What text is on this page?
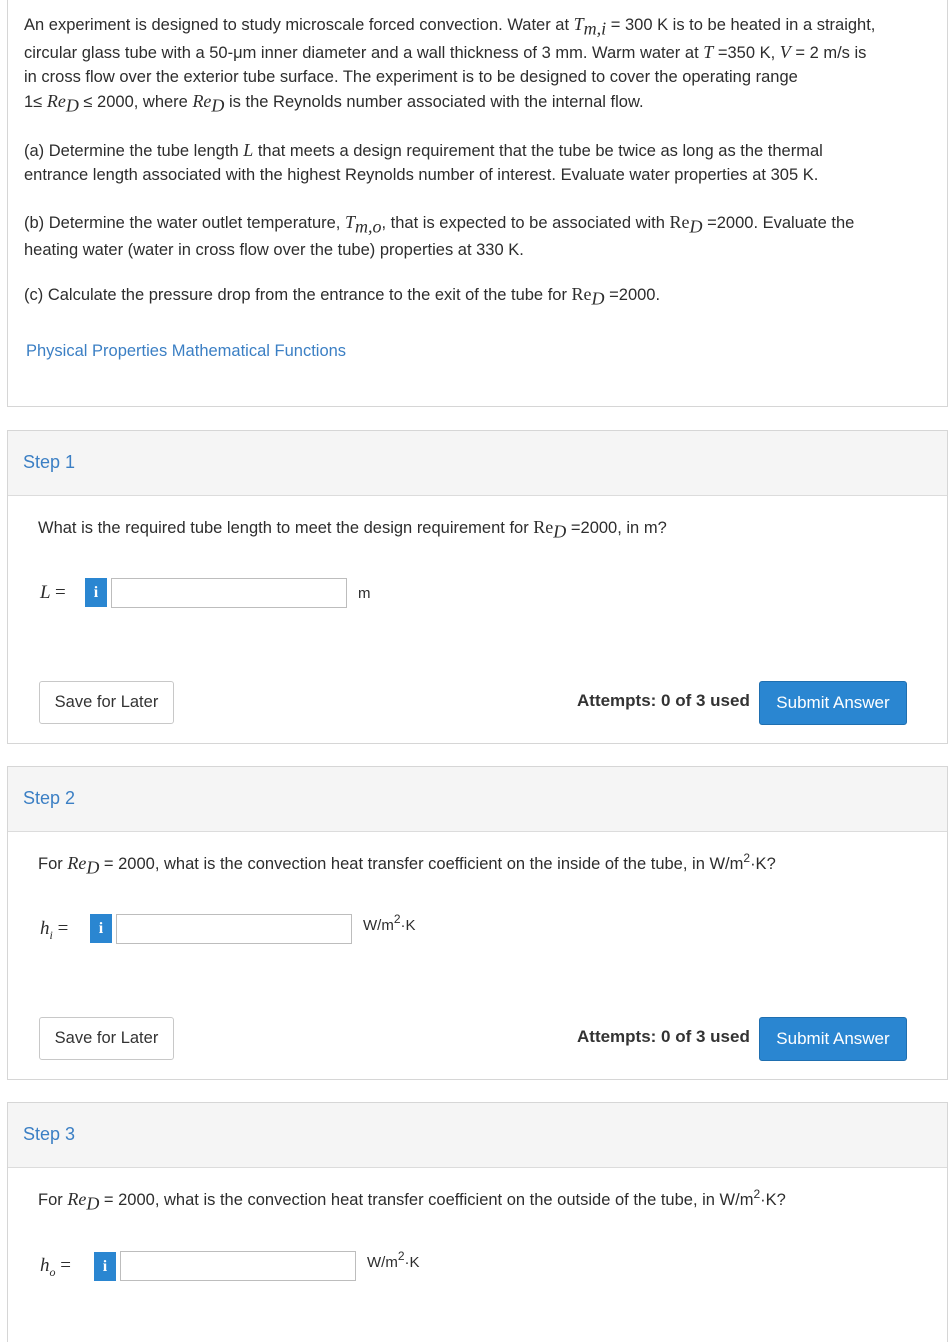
An experiment is designed to study microscale forced convection. Water at $T_{m,i} = 300$ K is to be heated in a straight,
circular glass tube with a 50-μm inner diameter and a wall thickness of 3 mm. Warm water at T =350 K, V = 2 m/s is
in cross flow over the exterior tube surface. The experiment is to be designed to cover the operating range
$1\le Re_D \le 2000$, where $Re_D$ is the Reynolds number associated with the internal flow.
(a) Determine the tube length L that meets a design requirement that the tube be twice as long as the thermal
entrance length associated with the highest Reynolds number of interest. Evaluate water properties at 305 K.
(b) Determine the water outlet temperature, $T_{m,o}$, that is expected to be associated with $Re_D =2000$. Evaluate the
heating water (water in cross flow over the tube) properties at 330 K.
(c) Calculate the pressure drop from the entrance to the exit of the tube for $Re_D =2000$.
Physical Properties Mathematical Functions
Step 1
What is the required tube length to meet the design requirement for $Re_D =2000$, in m?
L =	i	m
Save for Later	Attempts: 0 of 3 used	Submit Answer
Step 2
For $Re_D = 2000$, what is the convection heat transfer coefficient on the inside of the tube, in $W/m^2\cdot K$?
$h_i$ =	i	$W/m^2\cdot K$
Save for Later	Attempts: 0 of 3 used	Submit Answer
Step 3
For $Re_D = 2000$, what is the convection heat transfer coefficient on the outside of the tube, in $W/m^2\cdot K$?
$h_o$ =	i	$W/m^2\cdot K$
